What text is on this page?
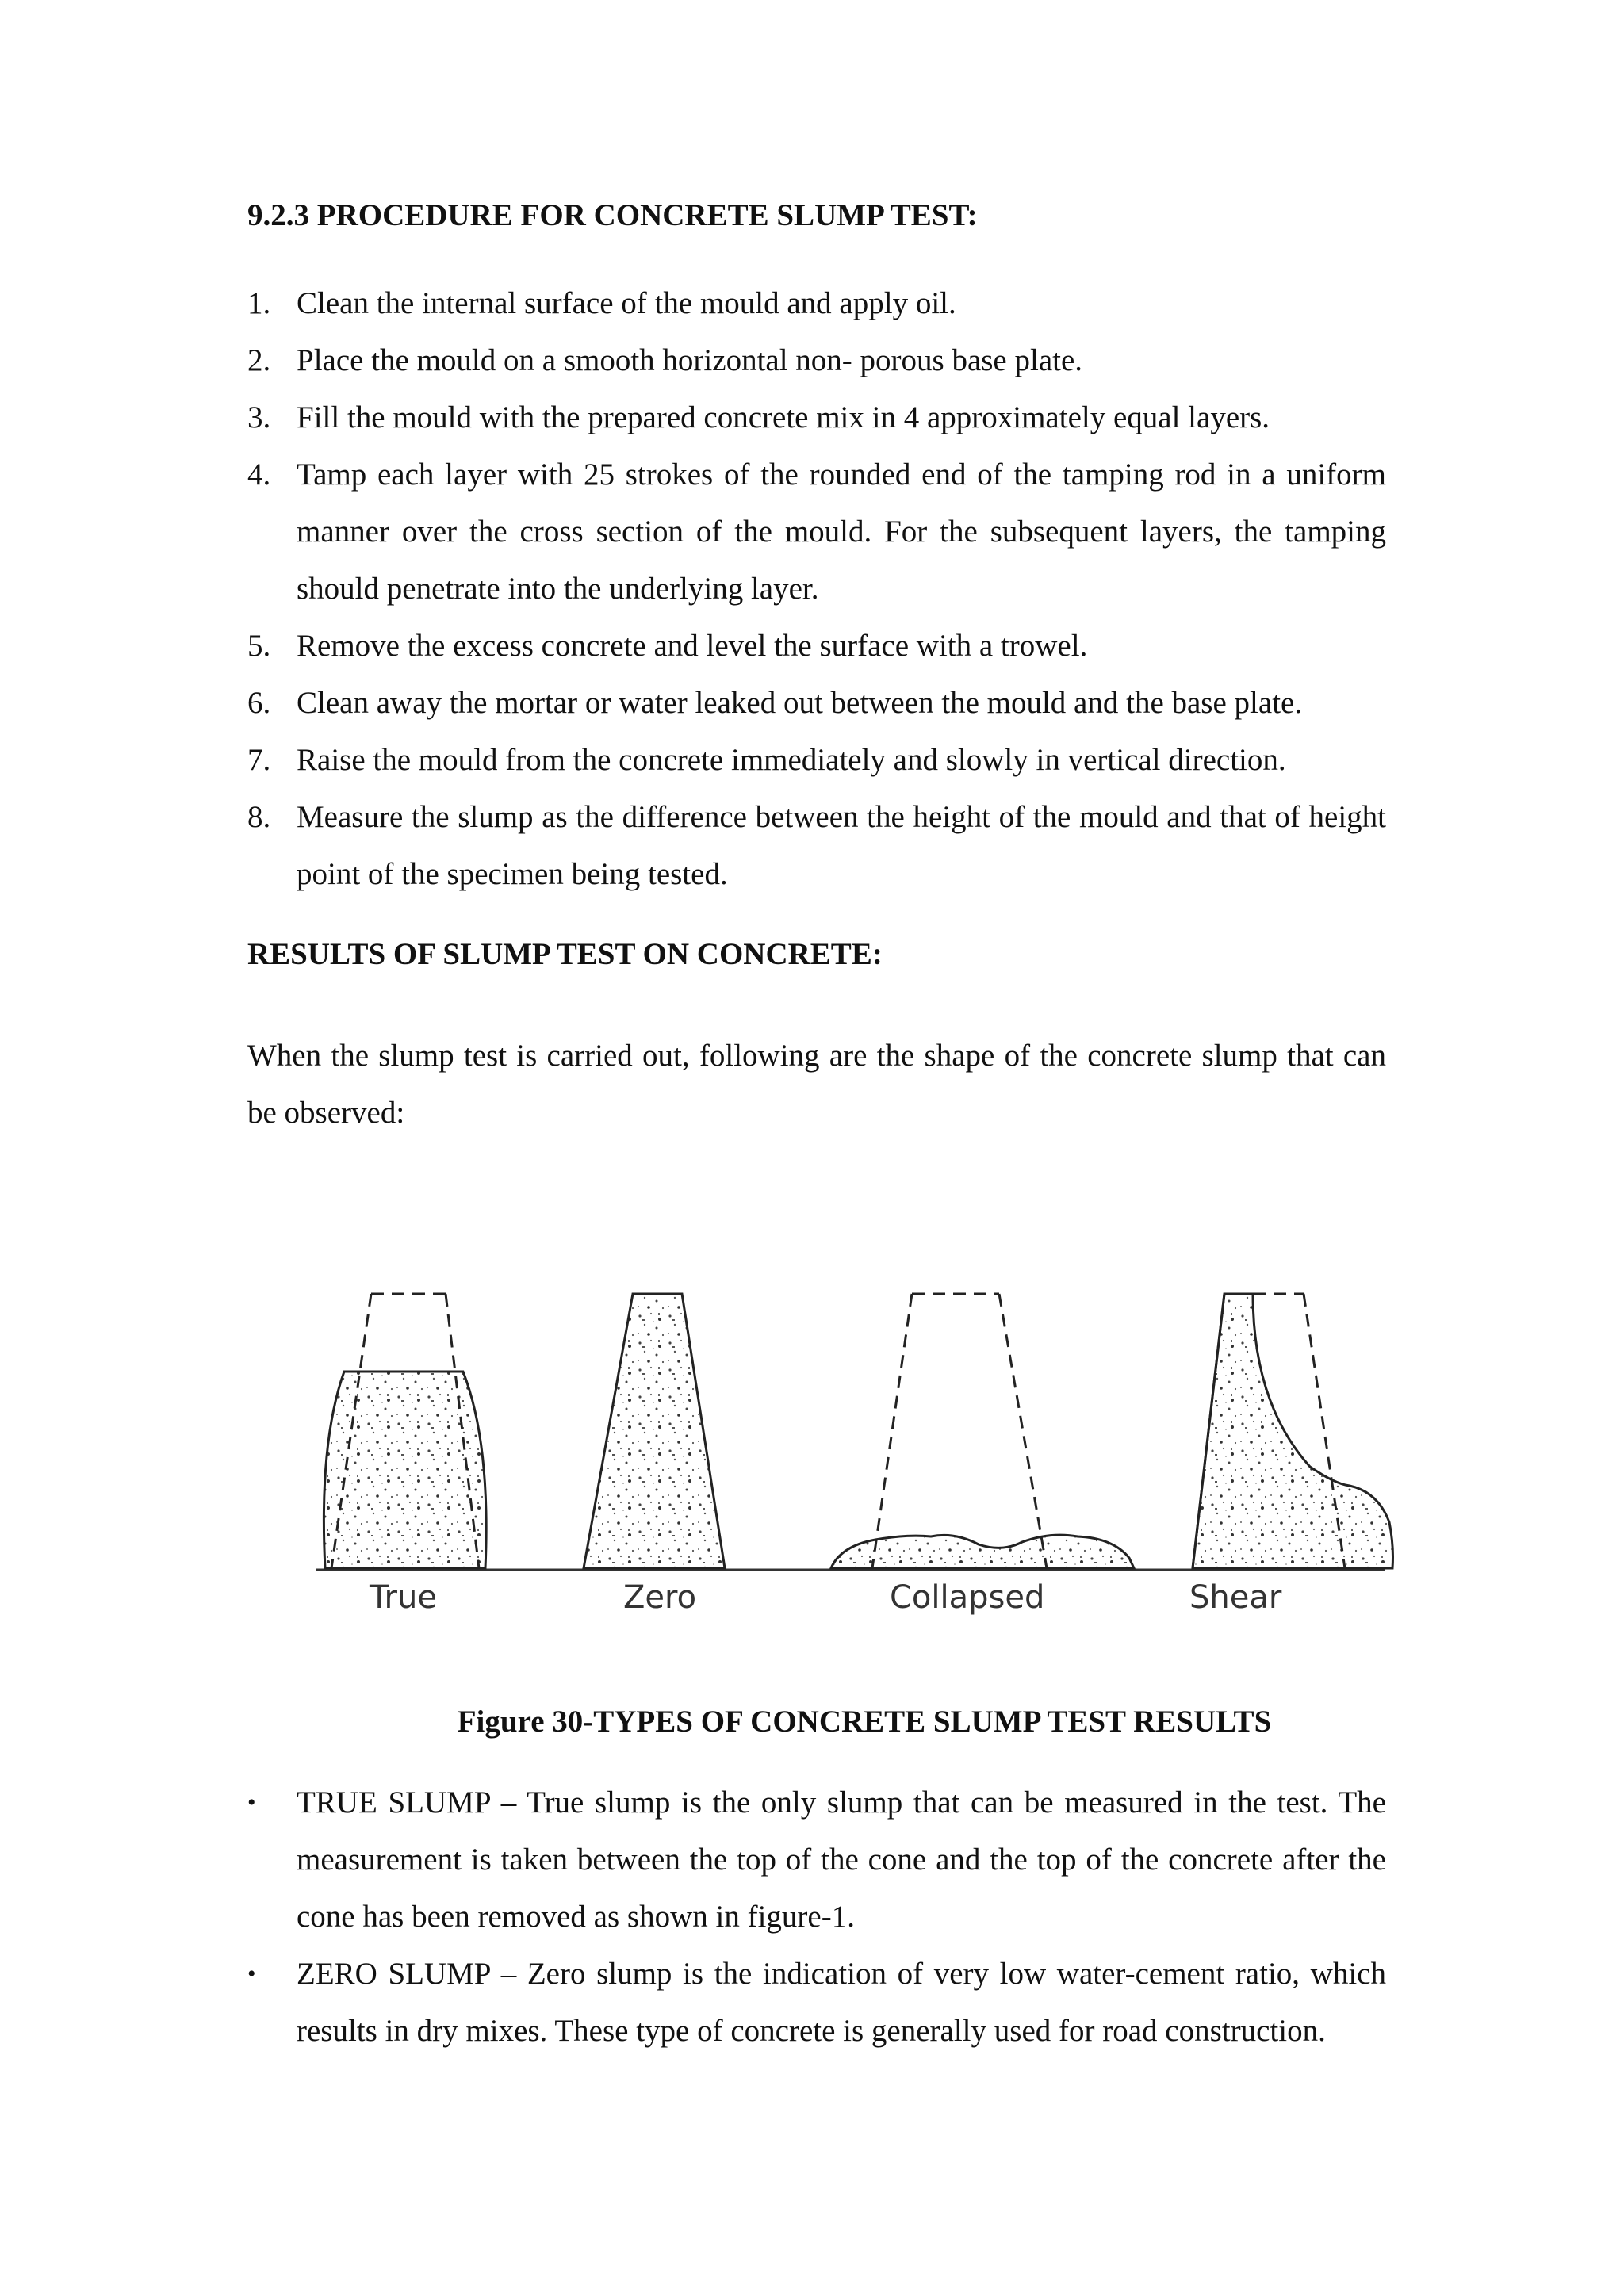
9.2.3 PROCEDURE FOR CONCRETE SLUMP TEST:
1. Clean the internal surface of the mould and apply oil.
2. Place the mould on a smooth horizontal non- porous base plate.
3. Fill the mould with the prepared concrete mix in 4 approximately equal layers.
4. Tamp each layer with 25 strokes of the rounded end of the tamping rod in a uniform manner over the cross section of the mould. For the subsequent layers, the tamping should penetrate into the underlying layer.
5. Remove the excess concrete and level the surface with a trowel.
6. Clean away the mortar or water leaked out between the mould and the base plate.
7. Raise the mould from the concrete immediately and slowly in vertical direction.
8. Measure the slump as the difference between the height of the mould and that of height point of the specimen being tested.
RESULTS OF SLUMP TEST ON CONCRETE:

When the slump test is carried out, following are the shape of the concrete slump that can be observed:

True	Zero	Collapsed	Shear
Figure 30-TYPES OF CONCRETE SLUMP TEST RESULTS
• TRUE SLUMP – True slump is the only slump that can be measured in the test. The measurement is taken between the top of the cone and the top of the concrete after the cone has been removed as shown in figure-1.
• ZERO SLUMP – Zero slump is the indication of very low water-cement ratio, which results in dry mixes. These type of concrete is generally used for road construction.
